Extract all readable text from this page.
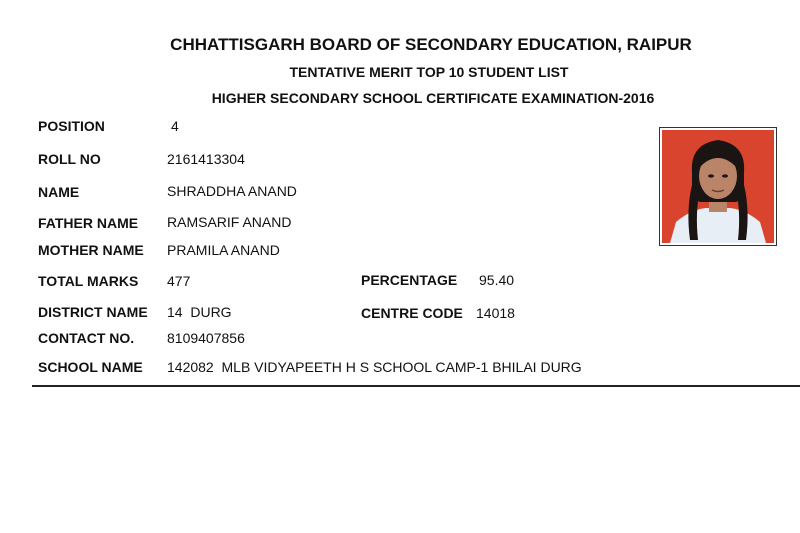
CHHATTISGARH BOARD OF SECONDARY EDUCATION, RAIPUR
TENTATIVE MERIT TOP 10 STUDENT LIST
HIGHER SECONDARY SCHOOL CERTIFICATE EXAMINATION-2016
POSITION	4
ROLL NO	2161413304
NAME	SHRADDHA ANAND
FATHER NAME RAMSARIF ANAND
MOTHER NAME PRAMILA ANAND
TOTAL MARKS 477	PERCENTAGE 95.40
DISTRICT NAME 14  DURG	CENTRE CODE 14018
CONTACT NO. 8109407856
SCHOOL NAME 142082  MLB VIDYAPEETH H S SCHOOL CAMP-1 BHILAI DURG
